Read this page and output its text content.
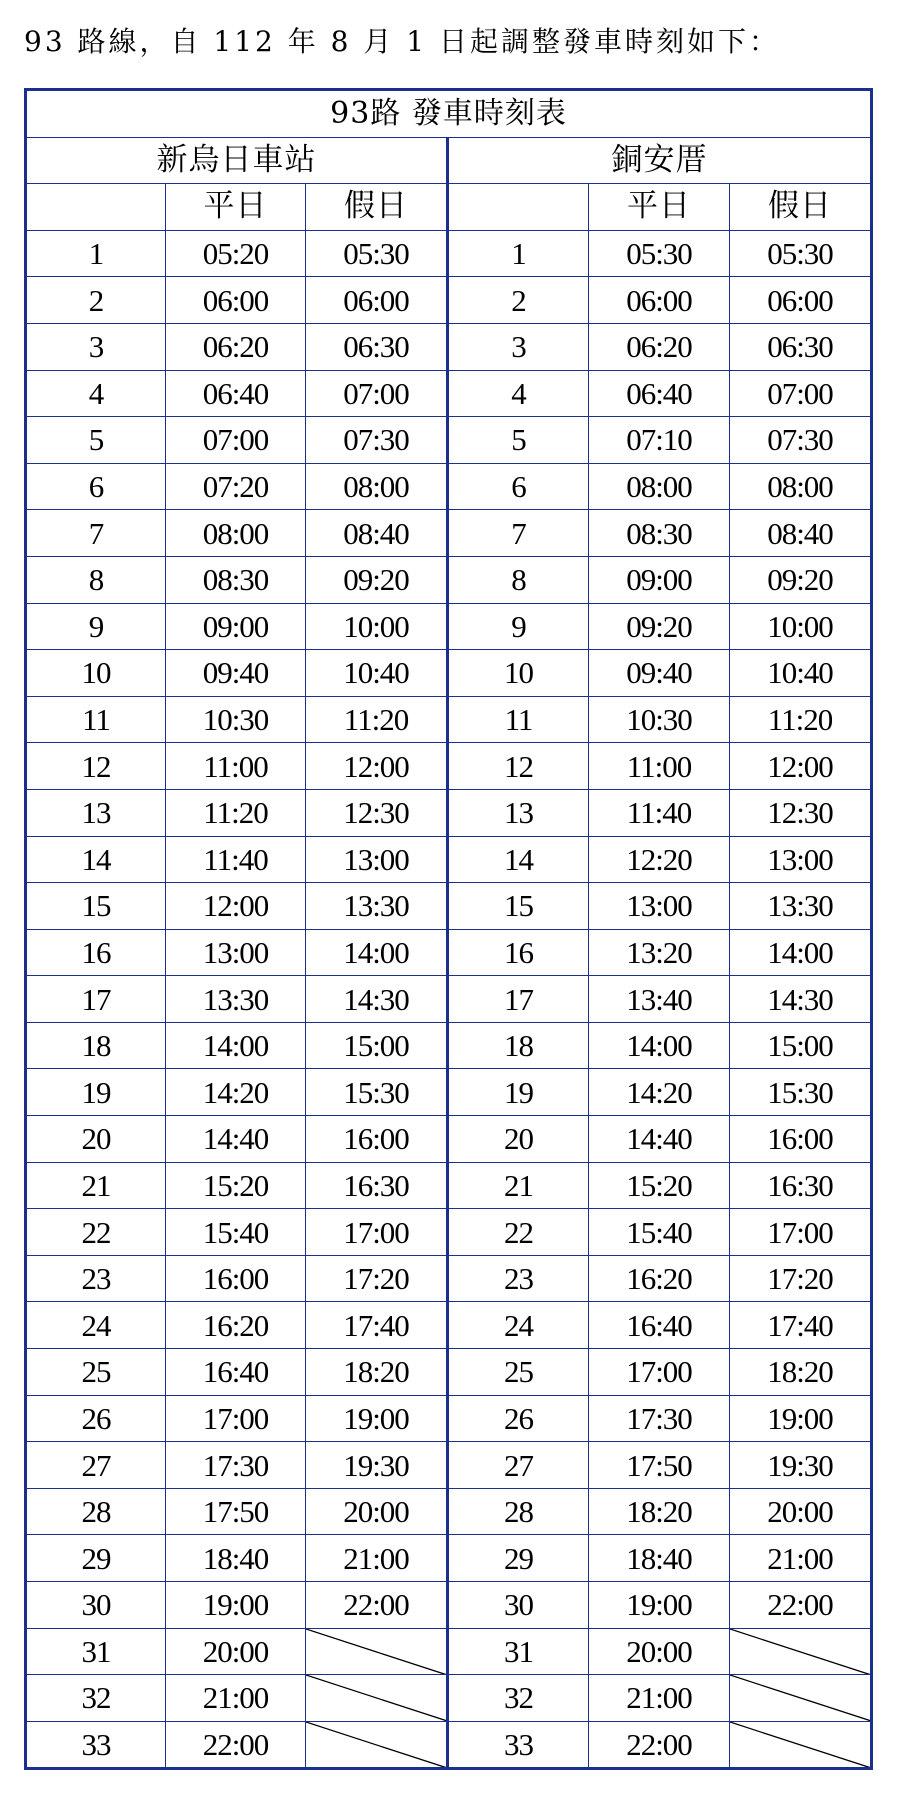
93 路線，自 112 年 8 月 1 日起調整發車時刻如下：
93路 發車時刻表					
新烏日車站			銅安厝		
	平日	假日		平日	假日
1	05:20	05:30	1	05:30	05:30
2	06:00	06:00	2	06:00	06:00
3	06:20	06:30	3	06:20	06:30
4	06:40	07:00	4	06:40	07:00
5	07:00	07:30	5	07:10	07:30
6	07:20	08:00	6	08:00	08:00
7	08:00	08:40	7	08:30	08:40
8	08:30	09:20	8	09:00	09:20
9	09:00	10:00	9	09:20	10:00
10	09:40	10:40	10	09:40	10:40
11	10:30	11:20	11	10:30	11:20
12	11:00	12:00	12	11:00	12:00
13	11:20	12:30	13	11:40	12:30
14	11:40	13:00	14	12:20	13:00
15	12:00	13:30	15	13:00	13:30
16	13:00	14:00	16	13:20	14:00
17	13:30	14:30	17	13:40	14:30
18	14:00	15:00	18	14:00	15:00
19	14:20	15:30	19	14:20	15:30
20	14:40	16:00	20	14:40	16:00
21	15:20	16:30	21	15:20	16:30
22	15:40	17:00	22	15:40	17:00
23	16:00	17:20	23	16:20	17:20
24	16:20	17:40	24	16:40	17:40
25	16:40	18:20	25	17:00	18:20
26	17:00	19:00	26	17:30	19:00
27	17:30	19:30	27	17:50	19:30
28	17:50	20:00	28	18:20	20:00
29	18:40	21:00	29	18:40	21:00
30	19:00	22:00	30	19:00	22:00
31	20:00		31	20:00	

32	21:00		32	21:00	

33	22:00		33	22:00	
